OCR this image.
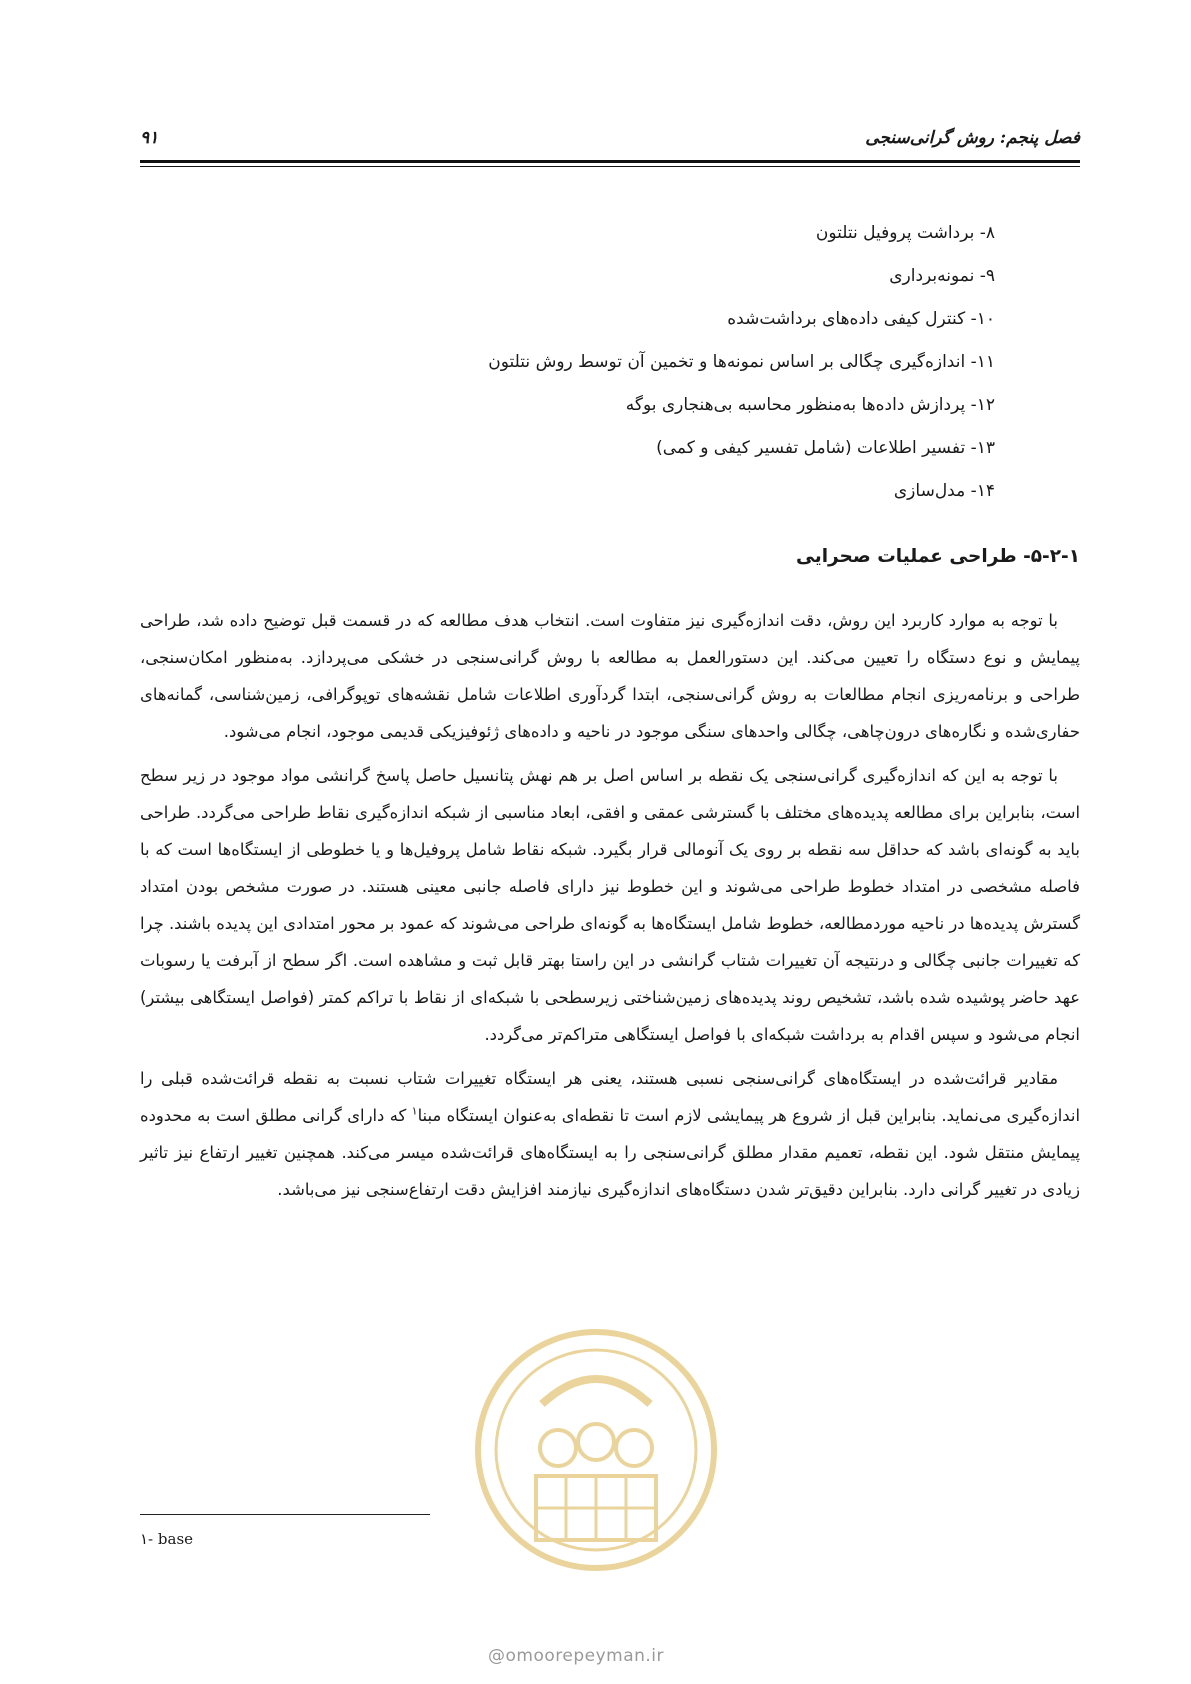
فصل پنجم: روش گرانی‌سنجی
۹۱
۸- برداشت پروفیل نتلتون
۹- نمونه‌برداری
۱۰- کنترل کیفی داده‌های برداشت‌شده
۱۱- اندازه‌گیری چگالی بر اساس نمونه‌ها و تخمین آن توسط روش نتلتون
۱۲- پردازش داده‌ها به‌منظور محاسبه بی‌هنجاری بوگه
۱۳- تفسیر اطلاعات (شامل تفسیر کیفی و کمی)
۱۴- مدل‌سازی
۵-۲-۱- طراحی عملیات صحرایی

با توجه به موارد کاربرد این روش، دقت اندازه‌گیری نیز متفاوت است. انتخاب هدف مطالعه که در قسمت قبل توضیح داده شد، طراحی پیمایش و نوع دستگاه را تعیین می‌کند. این دستورالعمل به مطالعه با روش گرانی‌سنجی در خشکی می‌پردازد. به‌منظور امکان‌سنجی، طراحی و برنامه‌ریزی انجام مطالعات به روش گرانی‌سنجی، ابتدا گردآوری اطلاعات شامل نقشه‌های توپوگرافی، زمین‌شناسی، گمانه‌های حفاری‌شده و نگاره‌های درون‌چاهی، چگالی واحدهای سنگی موجود در ناحیه و داده‌های ژئوفیزیکی قدیمی موجود، انجام می‌شود.

با توجه به این که اندازه‌گیری گرانی‌سنجی یک نقطه بر اساس اصل بر هم نهش پتانسیل حاصل پاسخ گرانشی مواد موجود در زیر سطح است، بنابراین برای مطالعه پدیده‌های مختلف با گسترشی عمقی و افقی، ابعاد مناسبی از شبکه اندازه‌گیری نقاط طراحی می‌گردد. طراحی باید به گونه‌ای باشد که حداقل سه نقطه بر روی یک آنومالی قرار بگیرد. شبکه نقاط شامل پروفیل‌ها و یا خطوطی از ایستگاه‌ها است که با فاصله مشخصی در امتداد خطوط طراحی می‌شوند و این خطوط نیز دارای فاصله جانبی معینی هستند. در صورت مشخص بودن امتداد گسترش پدیده‌ها در ناحیه موردمطالعه، خطوط شامل ایستگاه‌ها به گونه‌ای طراحی می‌شوند که عمود بر محور امتدادی این پدیده باشند. چرا که تغییرات جانبی چگالی و درنتیجه آن تغییرات شتاب گرانشی در این راستا بهتر قابل ثبت و مشاهده است. اگر سطح از آبرفت یا رسوبات عهد حاضر پوشیده شده باشد، تشخیص روند پدیده‌های زمین‌شناختی زیرسطحی با شبکه‌ای از نقاط با تراکم کمتر (فواصل ایستگاهی بیشتر) انجام می‌شود و سپس اقدام به برداشت شبکه‌ای با فواصل ایستگاهی متراکم‌تر می‌گردد.

مقادیر قرائت‌شده در ایستگاه‌های گرانی‌سنجی نسبی هستند، یعنی هر ایستگاه تغییرات شتاب نسبت به نقطه قرائت‌شده قبلی را اندازه‌گیری می‌نماید. بنابراین قبل از شروع هر پیمایشی لازم است تا نقطه‌ای به‌عنوان ایستگاه مبنا$^۱$ که دارای گرانی مطلق است به محدوده پیمایش منتقل شود. این نقطه، تعمیم مقدار مطلق گرانی‌سنجی را به ایستگاه‌های قرائت‌شده میسر می‌کند. همچنین تغییر ارتفاع نیز تاثیر زیادی در تغییر گرانی دارد. بنابراین دقیق‌تر شدن دستگاه‌های اندازه‌گیری نیازمند افزایش دقت ارتفاع‌سنجی نیز می‌باشد.

@omoorepeyman.ir
۱- base
